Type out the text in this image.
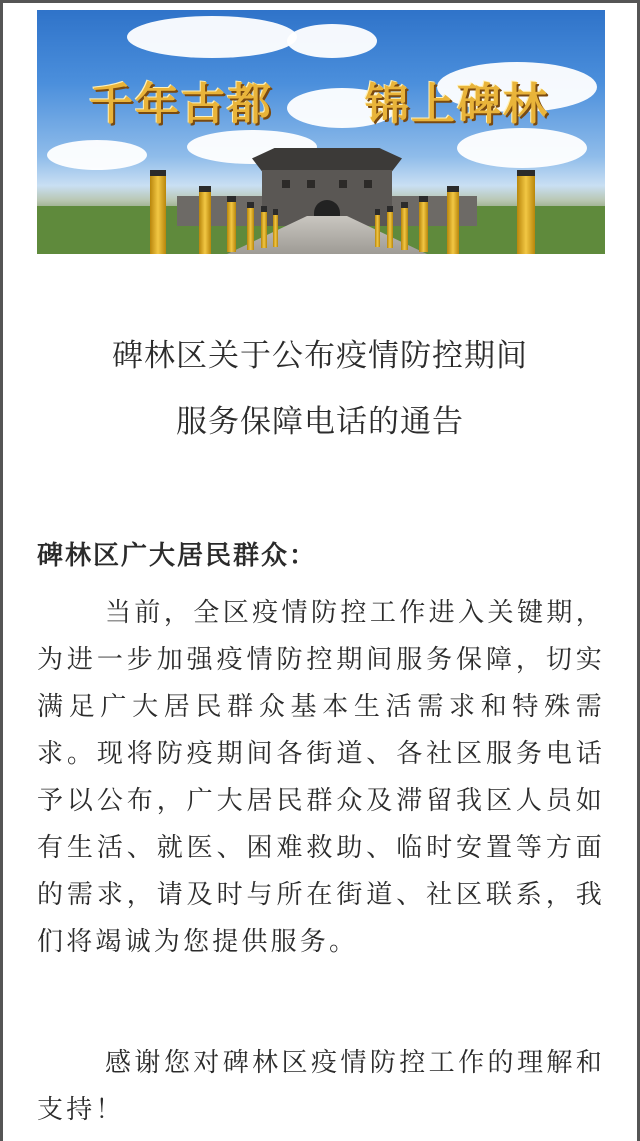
千年古都 锦上碑林
碑林区关于公布疫情防控期间
服务保障电话的通告
碑林区广大居民群众：
当前，全区疫情防控工作进入关键期，为进一步加强疫情防控期间服务保障，切实满足广大居民群众基本生活需求和特殊需求。现将防疫期间各街道、各社区服务电话予以公布，广大居民群众及滞留我区人员如有生活、就医、困难救助、临时安置等方面的需求，请及时与所在街道、社区联系，我们将竭诚为您提供服务。
感谢您对碑林区疫情防控工作的理解和支持！
